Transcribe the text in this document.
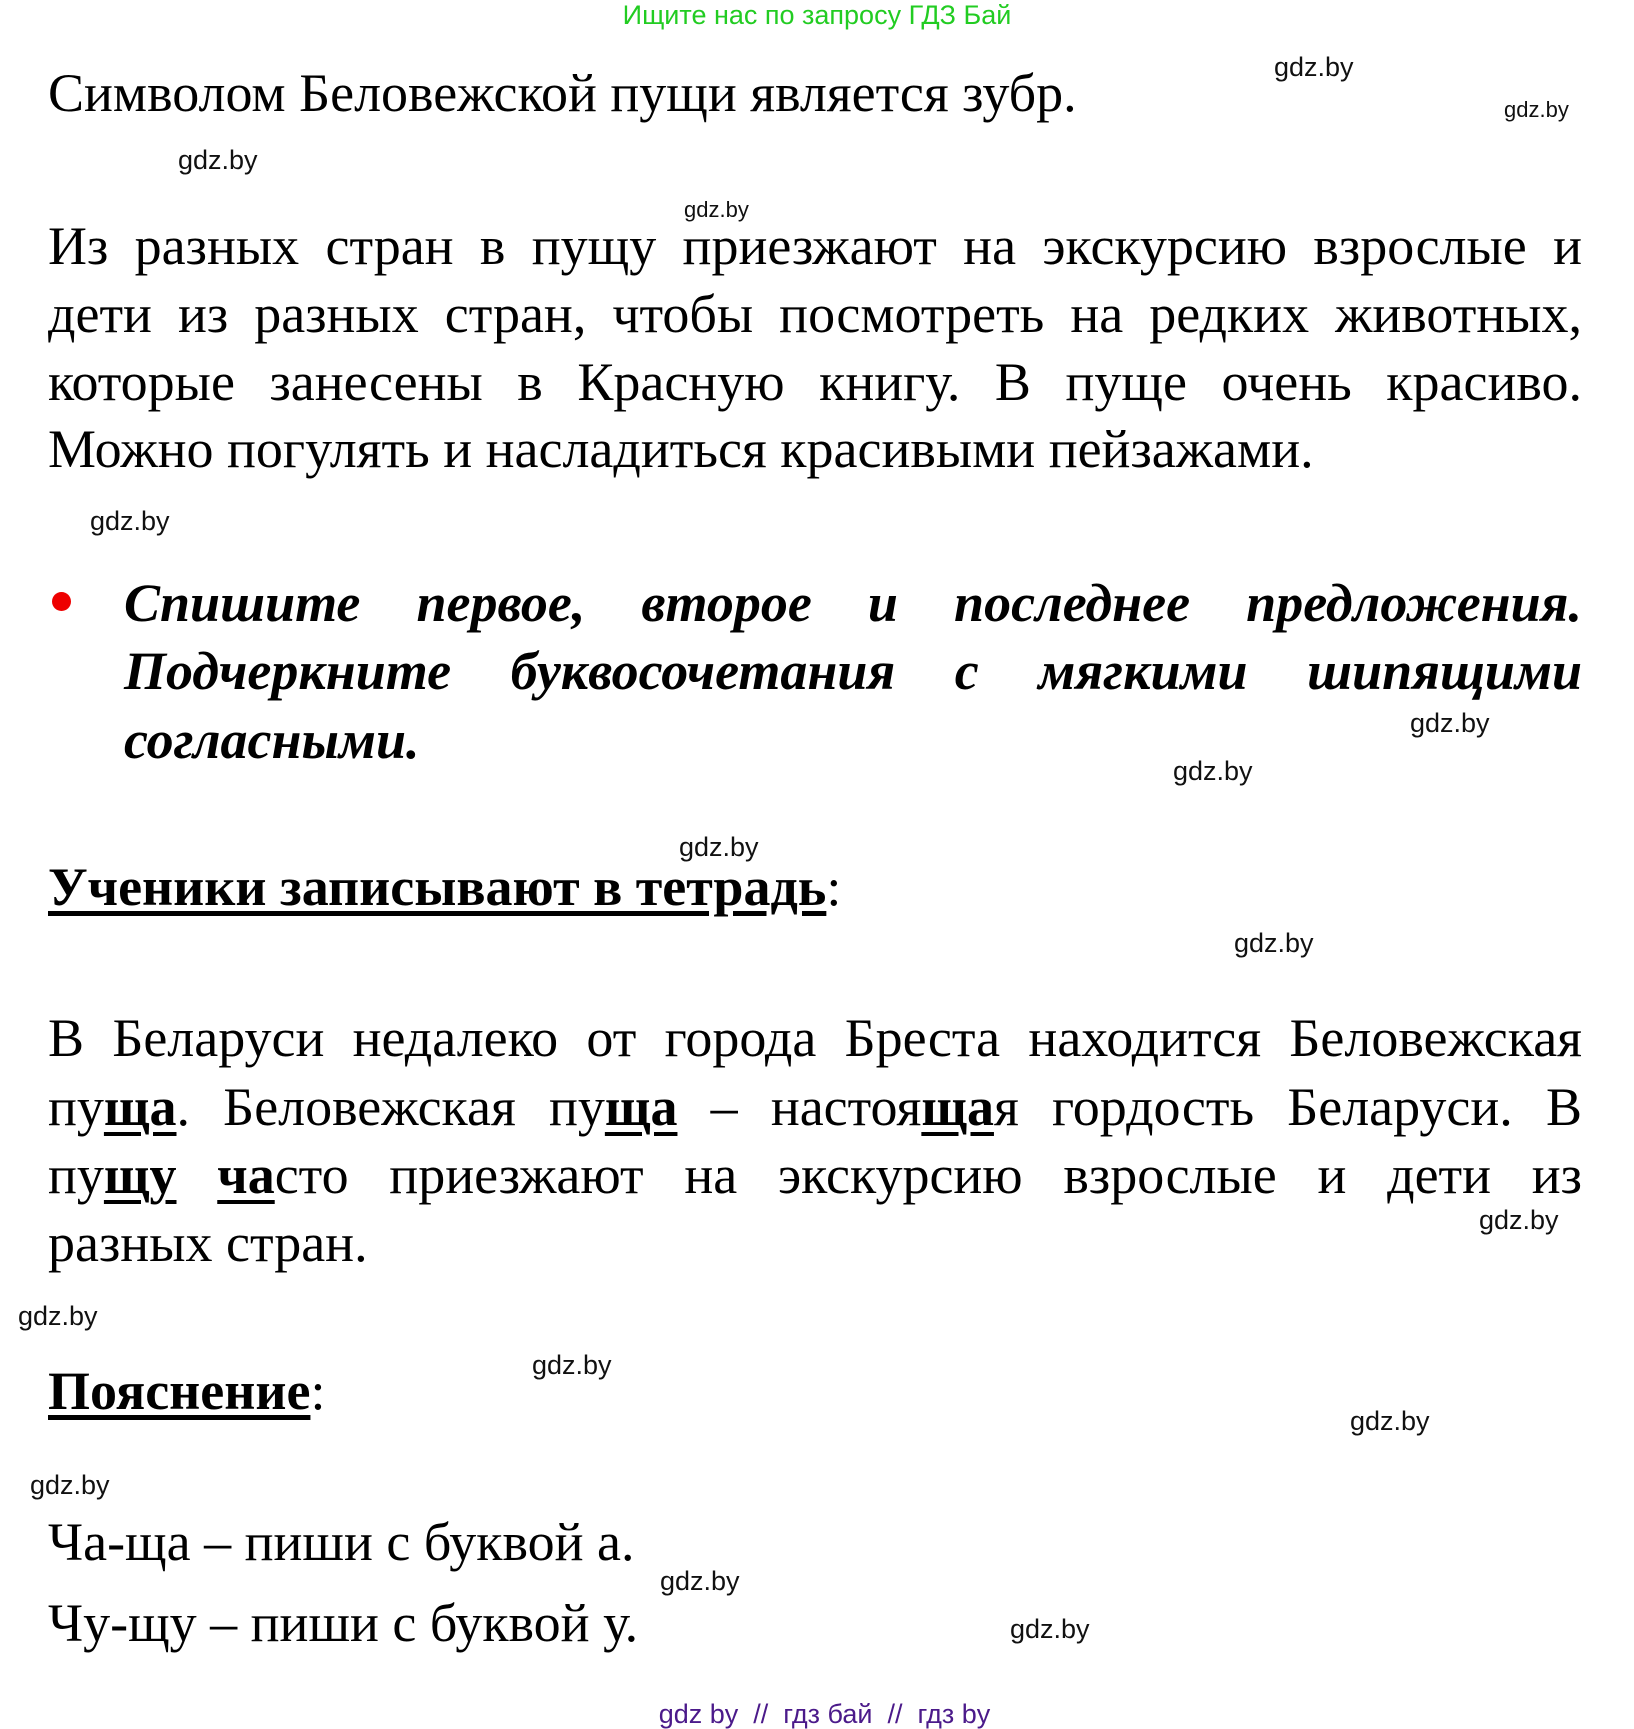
Ищите нас по запросу ГДЗ Бай
Символом Беловежской пущи является зубр.
Из разных стран в пущу приезжают на экскурсию взрослые и
дети из разных стран, чтобы посмотреть на редких животных,
которые занесены в Красную книгу. В пуще очень красиво.
Можно погулять и насладиться красивыми пейзажами.
Спишите первое, второе и последнее предложения.
Подчеркните буквосочетания с мягкими шипящими
согласными.
Ученики записывают в тетрадь:
В Беларуси недалеко от города Бреста находится Беловежская
пуща. Беловежская пуща – настоящая гордость Беларуси. В
пущу часто приезжают на экскурсию взрослые и дети из
разных стран.
Пояснение:
Ча-ща – пиши с буквой а.
Чу-щу – пиши с буквой у.
gdz.by
gdz.by
gdz.by
gdz.by
gdz.by
gdz.by
gdz.by
gdz.by
gdz.by
gdz.by
gdz.by
gdz.by
gdz.by
gdz.by
gdz.by
gdz.by

gdz by  //  гдз бай  //  гдз by
